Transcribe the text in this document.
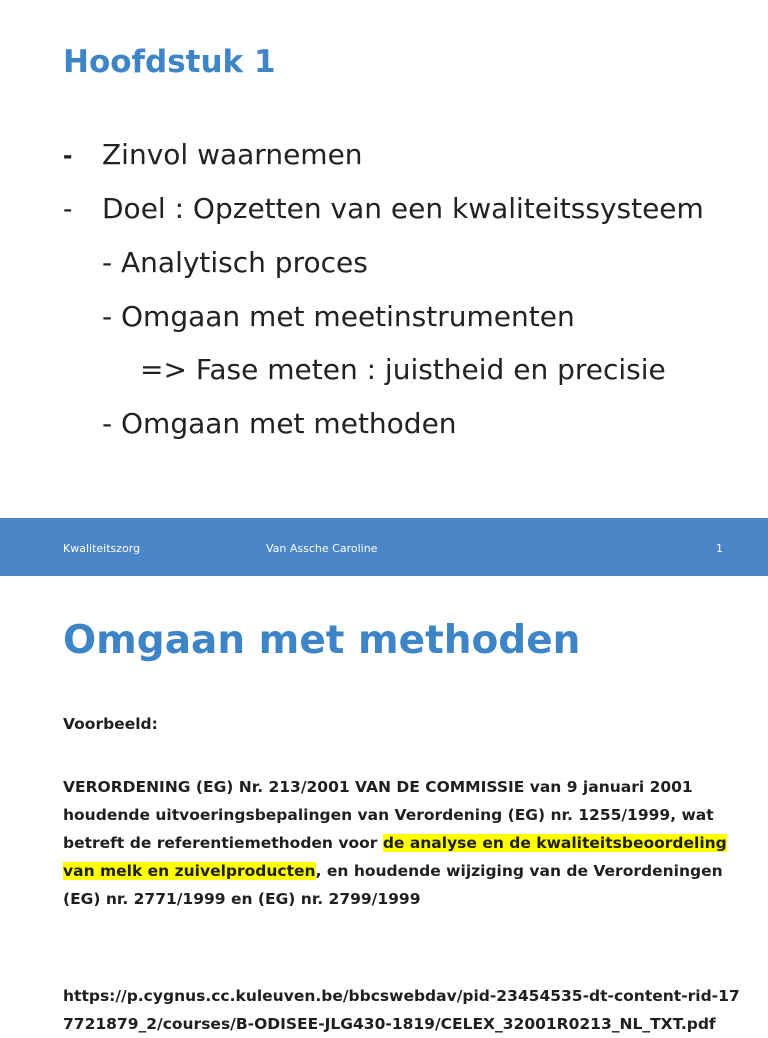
Hoofdstuk 1
- Zinvol waarnemen
- Doel : Opzetten van een kwaliteitssysteem
- Analytisch proces
- Omgaan met meetinstrumenten
=> Fase meten : juistheid en precisie
- Omgaan met methoden
Kwaliteitszorg	Van Assche Caroline	1
Omgaan met methoden
Voorbeeld:
VERORDENING (EG) Nr. 213/2001 VAN DE COMMISSIE van 9 januari 2001 houdende uitvoeringsbepalingen van Verordening (EG) nr. 1255/1999, wat betreft de referentiemethoden voor de analyse en de kwaliteitsbeoordeling van melk en zuivelproducten, en houdende wijziging van de Verordeningen (EG) nr. 2771/1999 en (EG) nr. 2799/1999
https://p.cygnus.cc.kuleuven.be/bbcswebdav/pid-23454535-dt-content-rid-177721879_2/courses/B-ODISEE-JLG430-1819/CELEX_32001R0213_NL_TXT.pdf
